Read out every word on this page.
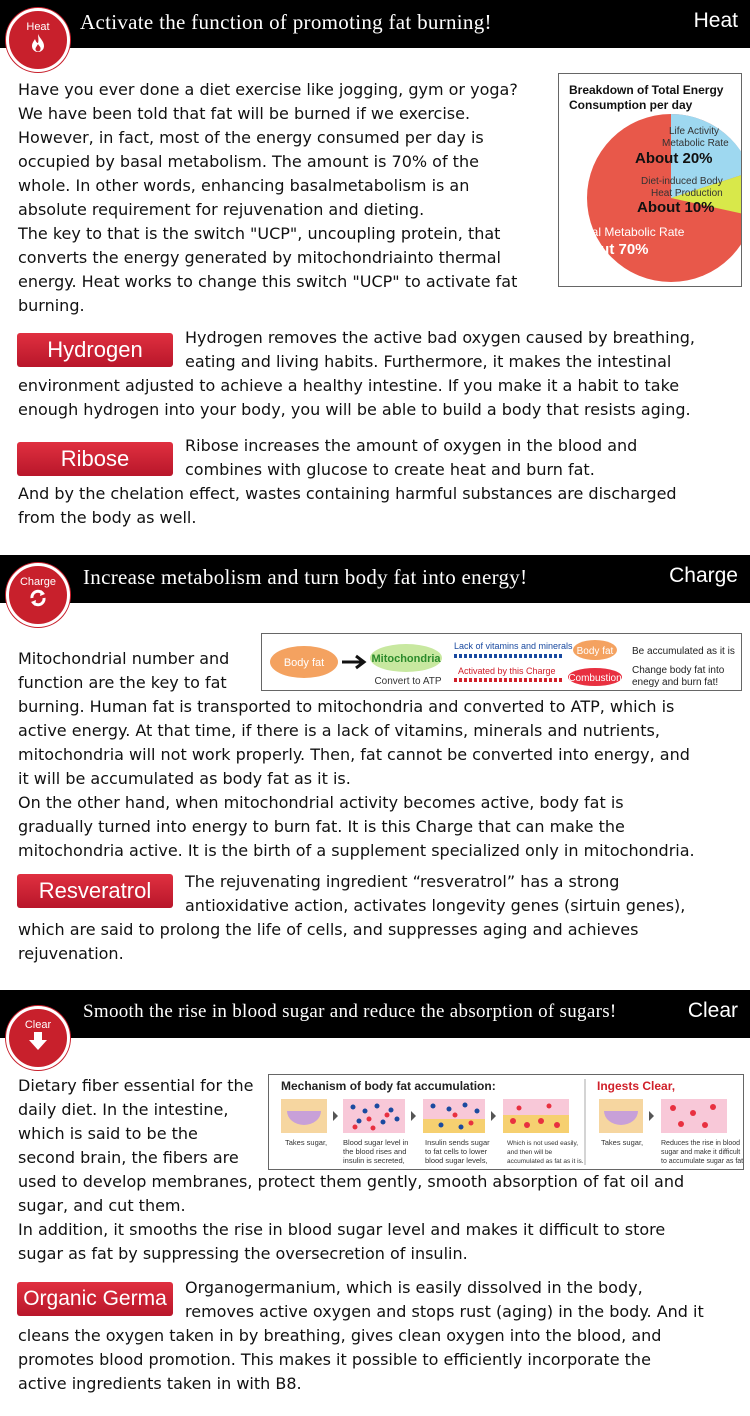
Activate the function of promoting fat burning!	Heat
Heat
Have you ever done a diet exercise like jogging, gym or yoga?
We have been told that fat will be burned if we exercise.
However, in fact, most of the energy consumed per day is
occupied by basal metabolism. The amount is 70% of the
whole. In other words, enhancing basalmetabolism is an
absolute requirement for rejuvenation and dieting.
The key to that is the switch "UCP", uncoupling protein, that
converts the energy generated by mitochondriainto thermal
energy. Heat works to change this switch "UCP" to activate fat
burning.
Breakdown of Total Energy
Consumption per day
Life Activity
Metabolic Rate
About 20%
Diet-induced Body
Heat Production
About 10%
Basal Metabolic Rate
About 70%
Hydrogen	Hydrogen removes the active bad oxygen caused by breathing,
eating and living habits. Furthermore, it makes the intestinal
environment adjusted to achieve a healthy intestine. If you make it a habit to take
enough hydrogen into your body, you will be able to build a body that resists aging.
Ribose
Ribose increases the amount of oxygen in the blood and
combines with glucose to create heat and burn fat.
And by the chelation effect, wastes containing harmful substances are discharged
from the body as well.
Increase metabolism and turn body fat into energy!	Charge
Charge
Body fat	Mitochondria
Convert to ATP
Lack of vitamins and minerals Body fat Be accumulated as it is
Activated by this Charge
Combustion
Change body fat into
enegy and burn fat!
Mitochondrial number and
function are the key to fat
burning. Human fat is transported to mitochondria and converted to ATP, which is
active energy. At that time, if there is a lack of vitamins, minerals and nutrients,
mitochondria will not work properly. Then, fat cannot be converted into energy, and
it will be accumulated as body fat as it is.
On the other hand, when mitochondrial activity becomes active, body fat is
gradually turned into energy to burn fat. It is this Charge that can make the
mitochondria active. It is the birth of a supplement specialized only in mitochondria.
Resveratrol	The rejuvenating ingredient “resveratrol” has a strong
antioxidative action, activates longevity genes (sirtuin genes),
which are said to prolong the life of cells, and suppresses aging and achieves
rejuvenation.
Smooth the rise in blood sugar and reduce the absorption of sugars!	Clear
Clear
Mechanism of body fat accumulation:	Ingests Clear,
Takes sugar, Blood sugar level in
the blood rises and
insulin is secreted,
Insulin sends sugar
to fat cells to lower
blood sugar levels,
Which is not used easily,
and then will be
accumulated as fat as it is.
Takes sugar,	Reduces the rise in blood
sugar and make it difficult
to accumulate sugar as fat.
Dietary fiber essential for the
daily diet. In the intestine,
which is said to be the
second brain, the fibers are
used to develop membranes, protect them gently, smooth absorption of fat oil and
sugar, and cut them.
In addition, it smooths the rise in blood sugar level and makes it difficult to store
sugar as fat by suppressing the oversecretion of insulin.
Organic Germa	Organogermanium, which is easily dissolved in the body,
removes active oxygen and stops rust (aging) in the body. And it
cleans the oxygen taken in by breathing, gives clean oxygen into the blood, and
promotes blood promotion. This makes it possible to efficiently incorporate the
active ingredients taken in with B8.
